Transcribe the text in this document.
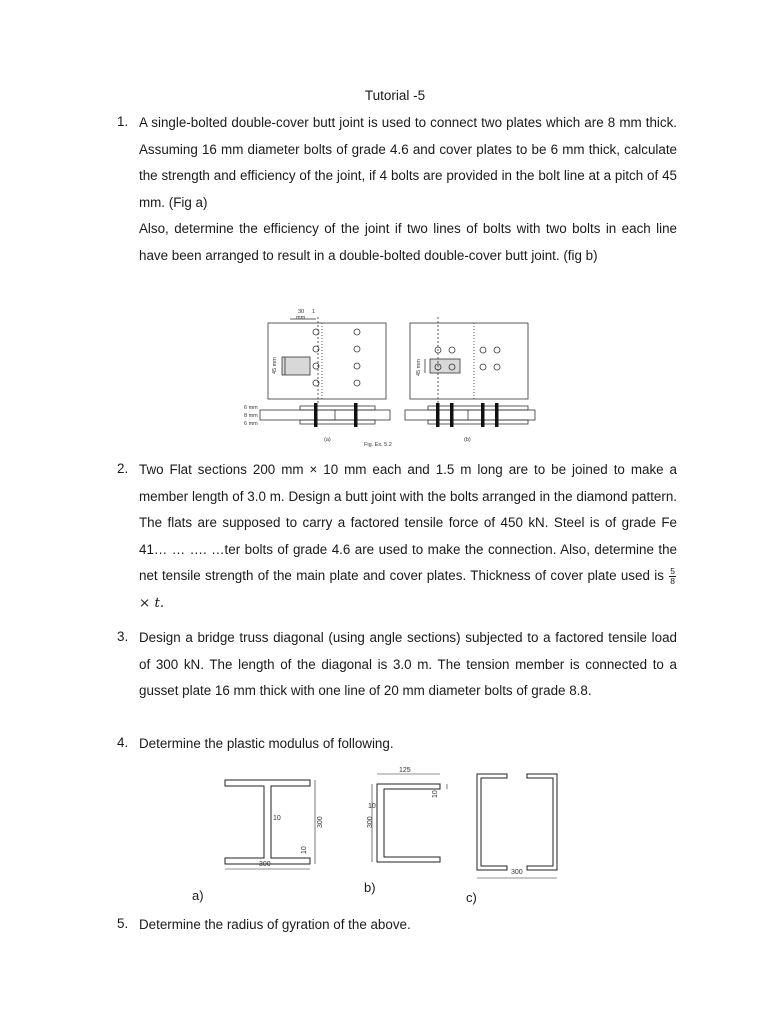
Tutorial -5
1. A single-bolted double-cover butt joint is used to connect two plates which are 8 mm thick. Assuming 16 mm diameter bolts of grade 4.6 and cover plates to be 6 mm thick, calculate the strength and efficiency of the joint, if 4 bolts are provided in the bolt line at a pitch of 45 mm. (Fig a)

Also, determine the efficiency of the joint if two lines of bolts with two bolts in each line have been arranged to result in a double-bolted double-cover butt joint. (fig b)

30 1
mm
45 mm	45 mm
6 mm
8 mm
6 mm
(a)	(b)
Fig. Ex. 5.2
2. Two Flat sections 200 mm × 10 mm each and 1.5 m long are to be joined to make a member length of 3.0 m. Design a butt joint with the bolts arranged in the diamond pattern. The flats are supposed to carry a factored tensile force of 450 kN. Steel is of grade Fe 41… … …. …ter bolts of grade 4.6 are used to make the connection. Also, determine the net tensile strength of the main plate and cover plates. Thickness of cover plate used is $\frac{5}{8}$
× t.
3. Design a bridge truss diagonal (using angle sections) subjected to a factored tensile load of 300 kN. The length of the diagonal is 3.0 m. The tension member is connected to a gusset plate 16 mm thick with one line of 20 mm diameter bolts of grade 8.8.
4. Determine the plastic modulus of following.
10
300
300
10
125
10
10
300
300
a)
b)
c)
5. Determine the radius of gyration of the above.
